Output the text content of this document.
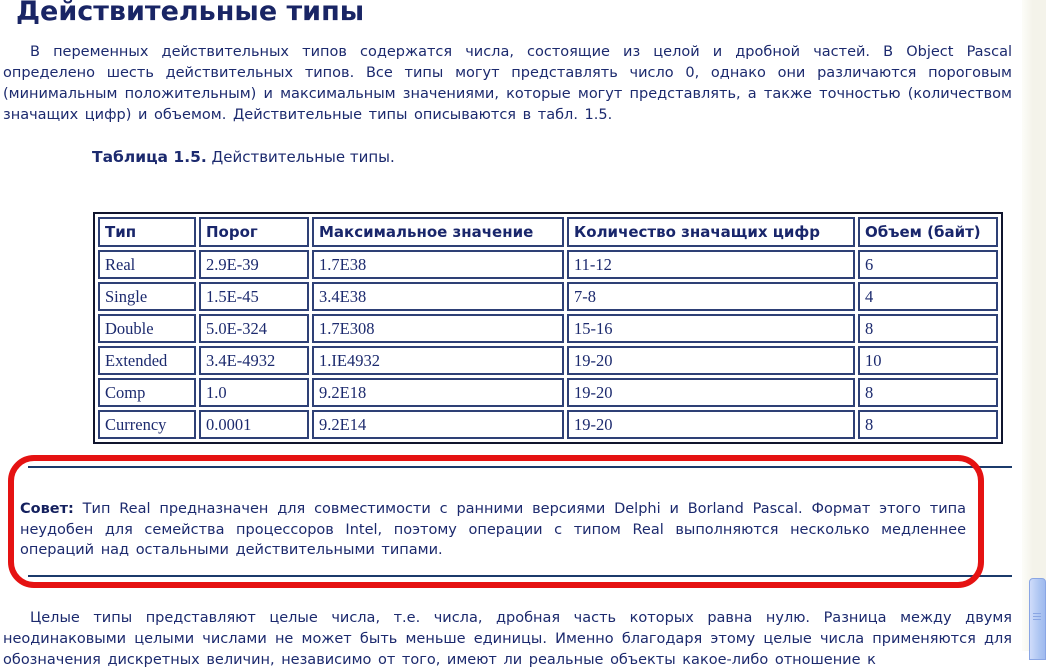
Действительные типы

В переменных действительных типов содержатся числа, состоящие из целой и дробной частей. В Object Pascal определено шесть действительных типов. Все типы могут представлять число 0, однако они различаются пороговым (минимальным положительным) и максимальным значениями, которые могут представлять, а также точностью (количеством значащих цифр) и объемом. Действительные типы описываются в табл. 1.5.

Таблица 1.5. Действительные типы.
Тип	Порог	Максимальное значение	Количество значащих цифр	Объем (байт)
Real	2.9E-39	1.7E38	11-12	6
Single	1.5E-45	3.4E38	7-8	4
Double	5.0E-324	1.7E308	15-16	8
Extended	3.4E-4932	1.IE4932	19-20	10
Comp	1.0	9.2E18	19-20	8
Currency	0.0001	9.2E14	19-20	8
Совет: Тип Real предназначен для совместимости с ранними версиями Delphi и Borland Pascal. Формат этого типа неудобен для семейства процессоров Intel, поэтому операции с типом Real выполняются несколько медленнее операций над остальными действительными типами.

Целые типы представляют целые числа, т.е. числа, дробная часть которых равна нулю. Разница между двумя неодинаковыми целыми числами не может быть меньше единицы. Именно благодаря этому целые числа применяются для обозначения дискретных величин, независимо от того, имеют ли реальные объекты какое-либо отношение к
